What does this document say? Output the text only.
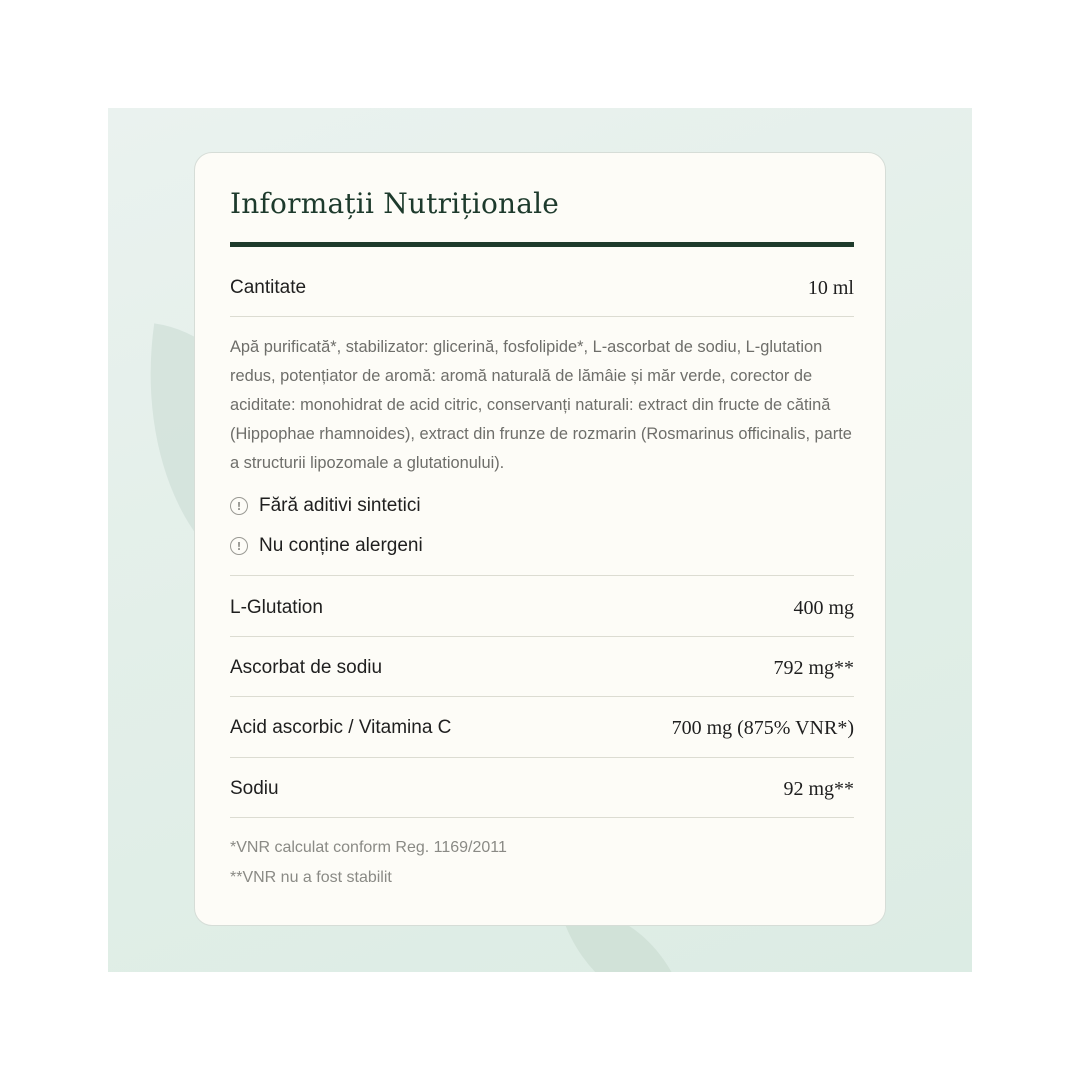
Informații Nutriționale
Cantitate	10 ml

Apă purificată*, stabilizator: glicerină, fosfolipide*, L-ascorbat de sodiu, L-glutation redus, potențiator de aromă: aromă naturală de lămâie și măr verde, corector de aciditate: monohidrat de acid citric, conservanți naturali: extract din fructe de cătină (Hippophae rhamnoides), extract din frunze de rozmarin (Rosmarinus officinalis, parte a structurii lipozomale a glutationului).

! Fără aditivi sintetici
! Nu conține alergeni
L-Glutation	400 mg
Ascorbat de sodiu	792 mg**
Acid ascorbic / Vitamina C	700 mg (875% VNR*)
Sodiu	92 mg**

*VNR calculat conform Reg. 1169/2011

**VNR nu a fost stabilit
